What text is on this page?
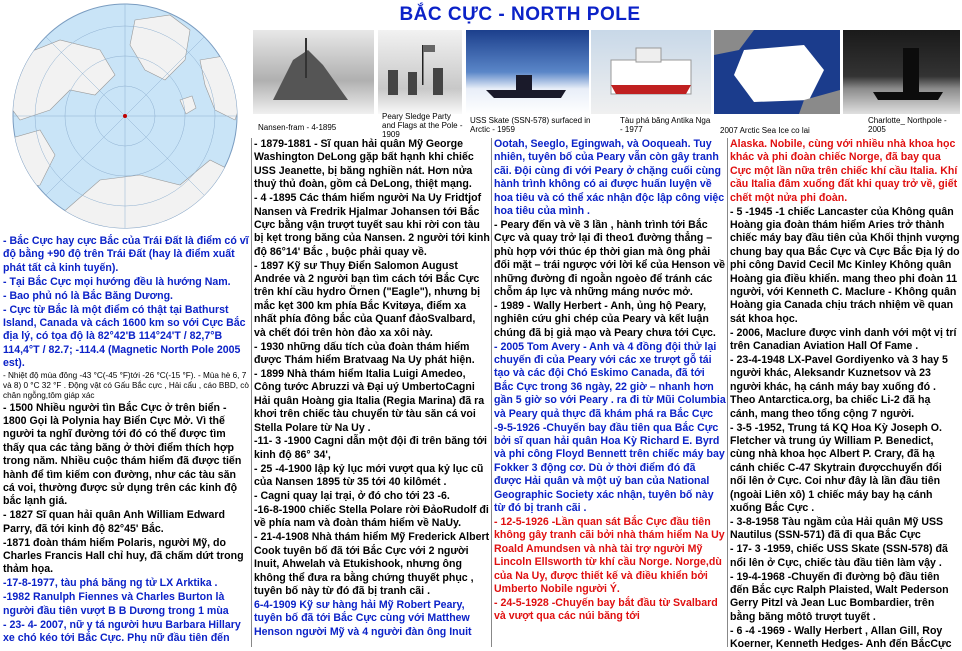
BẮC CỰC - NORTH POLE
Nansen-fram - 4-1895
Peary Sledge Party and Flags at the Pole - 1909
USS Skate (SSN-578) surfaced in Arctic - 1959
Tàu phá băng Antika Nga - 1977	2007 Arctic Sea Ice co lai
Charlotte_ Northpole - 2005

- Bắc Cực hay cực Bắc của Trái Đất là điểm có vĩ độ bằng +90 độ trên Trái Đất (hay là điểm xuất phát tất cả kinh tuyến).

- Tại Bắc Cực mọi hướng đều là hướng Nam.

- Bao phủ nó là Bắc Băng Dương.

- Cực từ Bắc là một điểm có thật tại Bathurst Island, Canada và cách 1600 km so với Cực Bắc địa lý, có tọa độ là 82°42'B 114°24'T / 82,7°B 114,4°T / 82.7; -114.4 (Magnetic North Pole 2005 est).

- Nhiệt độ mùa đông -43 °C(-45 °F)tới -26 °C(-15 °F). - Mùa hè 6, 7 và 8) 0 °C 32 °F . Động vật có Gấu Bắc cực , Hải cẩu , cáo BBD, cò chân ngỗng,tôm giáp xác

- 1500 Nhiều người tìn Bắc Cực ở trên biển - 1800 Gọi là Polynia hay Biển Cực Mở. Vì thế người ta nghĩ đường tới đó có thể được tìm thấy qua các tảng băng ở thời điểm thích hợp trong năm. Nhiều cuộc thám hiểm đã được tiến hành để tìm kiếm con đường, như các tàu săn cá voi, thường được sử dụng trên các kinh độ bắc lạnh giá.

- 1827 Sĩ quan hải quân Anh William Edward Parry, đã tới kinh độ 82°45' Bắc.

-1871 đoàn thám hiểm Polaris, người Mỹ, do Charles Francis Hall chỉ huy, đã chấm dứt trong thảm họa.

-17-8-1977, tàu phá băng ng tử LX Arktika .

-1982 Ranulph Fiennes và Charles Burton là người đầu tiên vượt B B Dương trong 1 mùa

- 23- 4- 2007, nữ y tá người hưu Barbara Hillary xe chó kéo tới Bắc Cực. Phụ nữ đầu tiên đến

- 1879-1881 - Sĩ quan hải quân Mỹ George Washington DeLong gặp bất hạnh khi chiếc USS Jeanette, bị băng nghiền nát. Hơn nửa thuỷ thủ đoàn, gồm cả DeLong, thiệt mạng.

- 4 -1895 Các thám hiểm người Na Uy Fridtjof Nansen và Fredrik Hjalmar Johansen tới Bắc Cực bằng vận trượt tuyết sau khi rời con tàu bị kẹt trong băng của Nansen. 2 người tới kinh độ 86°14' Bắc , buộc phải quay về.

- 1897 Kỹ sư Thụy Điển Salomon August Andrée và 2 người bạn tìm cách tới Bắc Cực trên khí cầu hydro Örnen ("Eagle"), nhưng bị mắc kẹt 300 km phía Bắc Kvitøya, điểm xa nhất phía đông bắc của Quanf đảoSvalbard, và chết đói trên hòn đảo xa xôi này.

- 1930 những dấu tích của đoàn thám hiểm được Thám hiểm Bratvaag Na Uy phát hiện.

- 1899 Nhà thám hiểm Italia Luigi Amedeo, Công tước Abruzzi và Đại uý UmbertoCagni Hải quân Hoàng gia Italia (Regia Marina) đã ra khơi trên chiếc tàu chuyển từ tàu săn cá voi Stella Polare từ Na Uy .

-11- 3 -1900 Cagni dẫn một đội đi trên băng tới kinh độ 86° 34',

- 25 -4-1900 lập kỷ lục mới vượt qua kỷ lục cũ của Nansen 1895 từ 35 tới 40 kilômét .

- Cagni quay lại trại, ở đó cho tới 23 -6.

-16-8-1900 chiếc Stella Polare rời ĐảoRudolf đi về phía nam và đoàn thám hiểm về NaUy.

- 21-4-1908 Nhà thám hiểm Mỹ Frederick Albert Cook tuyên bố đã tới Bắc Cực với 2 người Inuit, Ahwelah và Etukishook, nhưng ông không thể đưa ra bằng chứng thuyết phục , tuyên bố này từ đó đã bị tranh cãi .

6-4-1909 Kỹ sư hàng hải Mỹ Robert Peary, tuyên bố đã tới Bắc Cực cùng với Matthew Henson người Mỹ và 4 người đàn ông Inuit

Ootah, Seeglo, Egingwah, và Ooqueah. Tuy nhiên, tuyên bố của Peary vẫn còn gây tranh cãi. Đội cùng đi với Peary ở chặng cuối cùng hành trình không có ai được huấn luyện về hoa tiêu và có thể xác nhận độc lập công việc hoa tiêu của mình .

- Peary đến và về 3 lần , hành trình tới Bắc Cực và quay trở lại đi theo1 đường thẳng – phù hợp với thúc ép thời gian mà ông phải đối mặt – trái ngược với lời kể của Henson về những đường đi ngoằn ngoèo để tránh các chỗm áp lực và những máng nước mở.

- 1989 - Wally Herbert - Anh, ủng hộ Peary, nghiên cứu ghi chép của Peary và kết luận chúng đã bị giả mạo và Peary chưa tới Cực.

- 2005 Tom Avery - Anh và 4 đồng đội thử lại chuyến đi của Peary với các xe trượt gỗ tái tạo và các đội Chó Eskimo Canada, đã tới Bắc Cực trong 36 ngày, 22 giờ – nhanh hơn gần 5 giờ so với Peary . ra đi từ Mũi Columbia và Peary quả thực đã khám phá ra Bắc Cực

-9-5-1926 -Chuyến bay đầu tiên qua Bắc Cực bởi sĩ quan hải quân Hoa Kỳ Richard E. Byrd và phi công Floyd Bennett trên chiếc máy bay Fokker 3 động cơ. Dù ở thời điểm đó đã được Hải quân và một uỷ ban của National Geographic Society xác nhận, tuyên bố này từ đó bị tranh cãi .

- 12-5-1926 -Lần quan sát Bắc Cực đầu tiên không gây tranh cãi bởi nhà thám hiểm Na Uy Roald Amundsen và nhà tài trợ người Mỹ Lincoln Ellsworth từ khí cầu Norge. Norge,dù của Na Uy, được thiết kế và điều khiển bởi Umberto Nobile người Ý.

- 24-5-1928 -Chuyến bay bắt đầu từ Svalbard và vượt qua các núi băng tới

Alaska. Nobile, cùng với nhiều nhà khoa học khác và phi đoàn chiếc Norge, đã bay qua Cực một lần nữa trên chiếc khí cầu Italia. Khí cầu Italia đâm xuống đất khi quay trở về, giết chết một nửa phi đoàn.

- 5 -1945 -1 chiếc Lancaster của Không quân Hoàng gia đoàn thám hiểm Aries trở thành chiếc máy bay đầu tiên của Khối thịnh vượng chung bay qua Bắc Cực và Cực Bắc Địa lý do phi công David Cecil Mc Kinley Không quân Hoàng gia điều khiển. mang theo phi đoàn 11 người, với Kenneth C. Maclure - Không quân Hoàng gia Canada chịu trách nhiệm về quan sát khoa học.

- 2006, Maclure được vinh danh với một vị trí trên Canadian Aviation Hall Of Fame .

- 23-4-1948 LX-Pavel Gordiyenko và 3 hay 5 người khác, Aleksandr Kuznetsov và 23 người khác, hạ cánh máy bay xuống đó . Theo Antarctica.org, ba chiếc Li-2 đã hạ cánh, mang theo tổng cộng 7 người.

- 3-5 -1952, Trung tá KQ Hoa Kỳ Joseph O. Fletcher và trung úy William P. Benedict, cùng nhà khoa học Albert P. Crary, đã hạ cánh chiếc C-47 Skytrain đượcchuyển đổi nối lên ở Cực. Coi như đây là lần đầu tiên (ngoài Liên xô) 1 chiếc máy bay hạ cánh xuống Bắc Cực .

- 3-8-1958 Tàu ngầm của Hải quân Mỹ USS Nautilus (SSN-571) đã đi qua Bắc Cực

- 17- 3 -1959, chiếc USS Skate (SSN-578) đã nổi lên ở Cực, chiếc tàu đầu tiên làm vậy .

- 19-4-1968 -Chuyến đi đường bộ đầu tiên đến Bắc cực Ralph Plaisted, Walt Pederson Gerry Pitzl và Jean Luc Bombardier, trên bằng băng môtô trượt tuyết .

- 6 -4 -1969 - Wally Herbert , Allan Gill, Roy Koerner, Kenneth Hedges- Anh đến BắcCực
